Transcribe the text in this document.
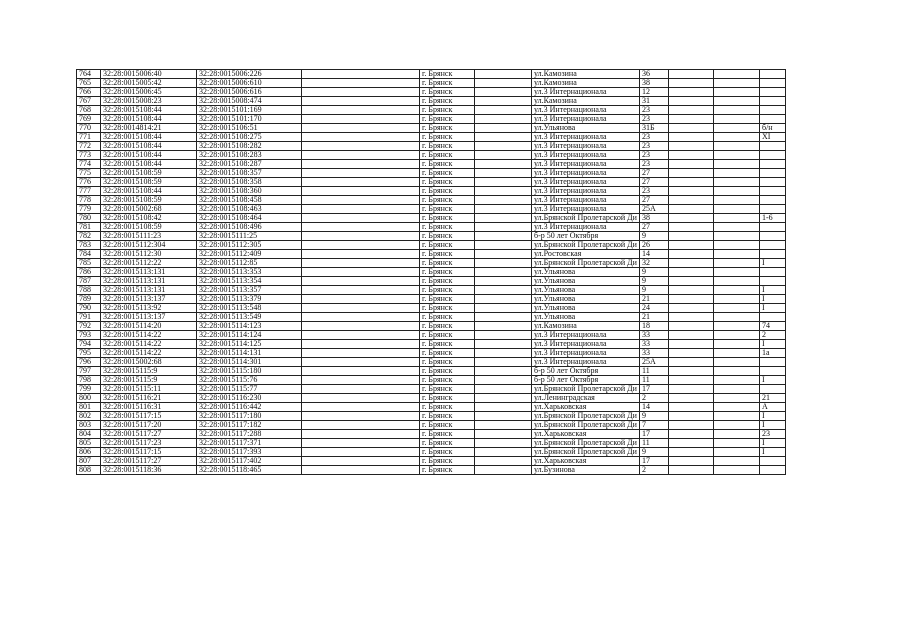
764	32:28:0015006:40	32:28:0015006:226		г. Брянск		ул.Камозина	36			
765	32:28:0015005:42	32:28:0015006:610		г. Брянск		ул.Камозина	38			
766	32:28:0015006:45	32:28:0015006:616		г. Брянск		ул.3 Интернационала	12			
767	32:28:0015008:23	32:28:0015008:474		г. Брянск		ул.Камозина	31			
768	32:28:0015108:44	32:28:0015101:169		г. Брянск		ул.3 Интернационала	23			
769	32:28:0015108:44	32:28:0015101:170		г. Брянск		ул.3 Интернационала	23			
770	32:28:0014814:21	32:28:0015106:51		г. Брянск		ул.Ульянова	31Б			б/н
771	32:28:0015108:44	32:28:0015108:275		г. Брянск		ул.3 Интернационала	23			XI
772	32:28:0015108:44	32:28:0015108:282		г. Брянск		ул.3 Интернационала	23			
773	32:28:0015108:44	32:28:0015108:283		г. Брянск		ул.3 Интернационала	23			
774	32:28:0015108:44	32:28:0015108:287		г. Брянск		ул.3 Интернационала	23			
775	32:28:0015108:59	32:28:0015108:357		г. Брянск		ул.3 Интернационала	27			
776	32:28:0015108:59	32:28:0015108:358		г. Брянск		ул.3 Интернационала	27			
777	32:28:0015108:44	32:28:0015108:360		г. Брянск		ул.3 Интернационала	23			
778	32:28:0015108:59	32:28:0015108:458		г. Брянск		ул.3 Интернационала	27			
779	32:28:0015002:68	32:28:0015108:463		г. Брянск		ул.3 Интернационала	25А			
780	32:28:0015108:42	32:28:0015108:464		г. Брянск		ул.Брянской Пролетарской Ди	38			1-6
781	32:28:0015108:59	32:28:0015108:496		г. Брянск		ул.3 Интернационала	27			
782	32:28:0015111:23	32:28:0015111:25		г. Брянск		б-р 50 лет Октября	9			
783	32:28:0015112:304	32:28:0015112:305		г. Брянск		ул.Брянской Пролетарской Ди	26			
784	32:28:0015112:30	32:28:0015112:409		г. Брянск		ул.Ростовская	14			
785	32:28:0015112:22	32:28:0015112:85		г. Брянск		ул.Брянской Пролетарской Ди	32			I
786	32:28:0015113:131	32:28:0015113:353		г. Брянск		ул.Ульянова	9			
787	32:28:0015113:131	32:28:0015113:354		г. Брянск		ул.Ульянова	9			
788	32:28:0015113:131	32:28:0015113:357		г. Брянск		ул.Ульянова	9			I
789	32:28:0015113:137	32:28:0015113:379		г. Брянск		ул.Ульянова	21			I
790	32:28:0015113:92	32:28:0015113:548		г. Брянск		ул.Ульянова	24			I
791	32:28:0015113:137	32:28:0015113:549		г. Брянск		ул.Ульянова	21			
792	32:28:0015114:20	32:28:0015114:123		г. Брянск		ул.Камозина	18			74
793	32:28:0015114:22	32:28:0015114:124		г. Брянск		ул.3 Интернационала	33			2
794	32:28:0015114:22	32:28:0015114:125		г. Брянск		ул.3 Интернационала	33			I
795	32:28:0015114:22	32:28:0015114:131		г. Брянск		ул.3 Интернационала	33			1а
796	32:28:0015002:68	32:28:0015114:301		г. Брянск		ул.3 Интернационала	25А			
797	32:28:0015115:9	32:28:0015115:180		г. Брянск		б-р 50 лет Октября	11			
798	32:28:0015115:9	32:28:0015115:76		г. Брянск		б-р 50 лет Октября	11			I
799	32:28:0015115:11	32:28:0015115:77		г. Брянск		ул.Брянской Пролетарской Ди	17			
800	32:28:0015116:21	32:28:0015116:230		г. Брянск		ул.Ленинградская	2			21
801	32:28:0015116:31	32:28:0015116:442		г. Брянск		ул.Харьковская	14			А
802	32:28:0015117:15	32:28:0015117:180		г. Брянск		ул.Брянской Пролетарской Ди	9			I
803	32:28:0015117:20	32:28:0015117:182		г. Брянск		ул.Брянской Пролетарской Ди	7			I
804	32:28:0015117:27	32:28:0015117:288		г. Брянск		ул.Харьковская	17			23
805	32:28:0015117:23	32:28:0015117:371		г. Брянск		ул.Брянской Пролетарской Ди	11			I
806	32:28:0015117:15	32:28:0015117:393		г. Брянск		ул.Брянской Пролетарской Ди	9			I
807	32:28:0015117:27	32:28:0015117:402		г. Брянск		ул.Харьковская	17			
808	32:28:0015118:36	32:28:0015118:465		г. Брянск		ул.Бузинова	2			
